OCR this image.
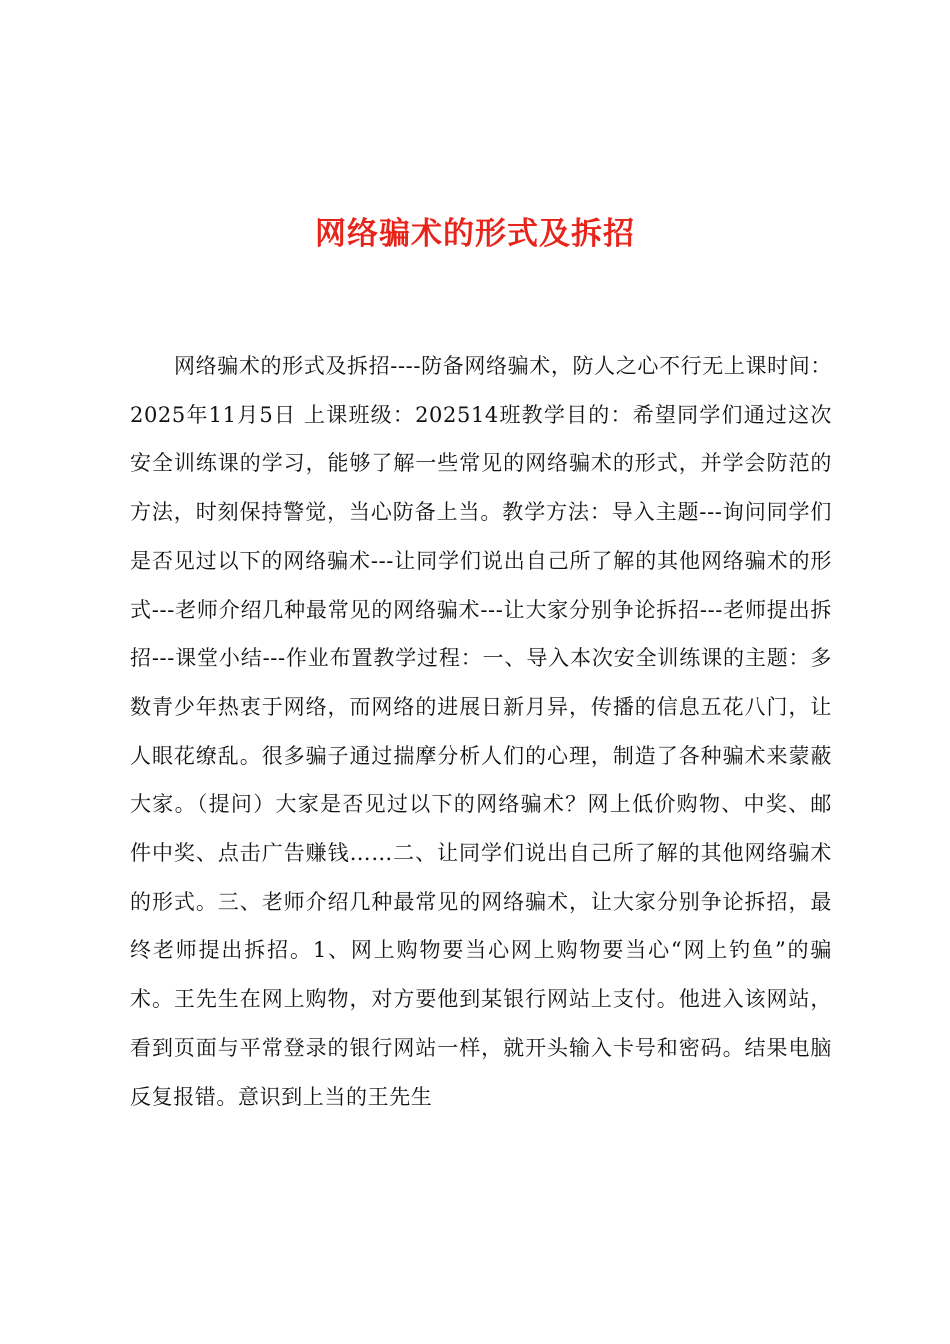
网络骗术的形式及拆招

网络骗术的形式及拆招----防备网络骗术，防人之心不行无上课时间：2025年11月5日 上课班级：202514班教学目的：希望同学们通过这次安全训练课的学习，能够了解一些常见的网络骗术的形式，并学会防范的方法，时刻保持警觉，当心防备上当。教学方法：导入主题---询问同学们是否见过以下的网络骗术---让同学们说出自己所了解的其他网络骗术的形式---老师介绍几种最常见的网络骗术---让大家分别争论拆招---老师提出拆招---课堂小结---作业布置教学过程：一、导入本次安全训练课的主题：多数青少年热衷于网络，而网络的进展日新月异，传播的信息五花八门，让人眼花缭乱。很多骗子通过揣摩分析人们的心理，制造了各种骗术来蒙蔽大家。（提问）大家是否见过以下的网络骗术？网上低价购物、中奖、邮件中奖、点击广告赚钱……二、让同学们说出自己所了解的其他网络骗术的形式。三、老师介绍几种最常见的网络骗术，让大家分别争论拆招，最终老师提出拆招。1、网上购物要当心网上购物要当心“网上钓鱼”的骗术。王先生在网上购物，对方要他到某银行网站上支付。他进入该网站，看到页面与平常登录的银行网站一样，就开头输入卡号和密码。结果电脑反复报错。意识到上当的王先生
